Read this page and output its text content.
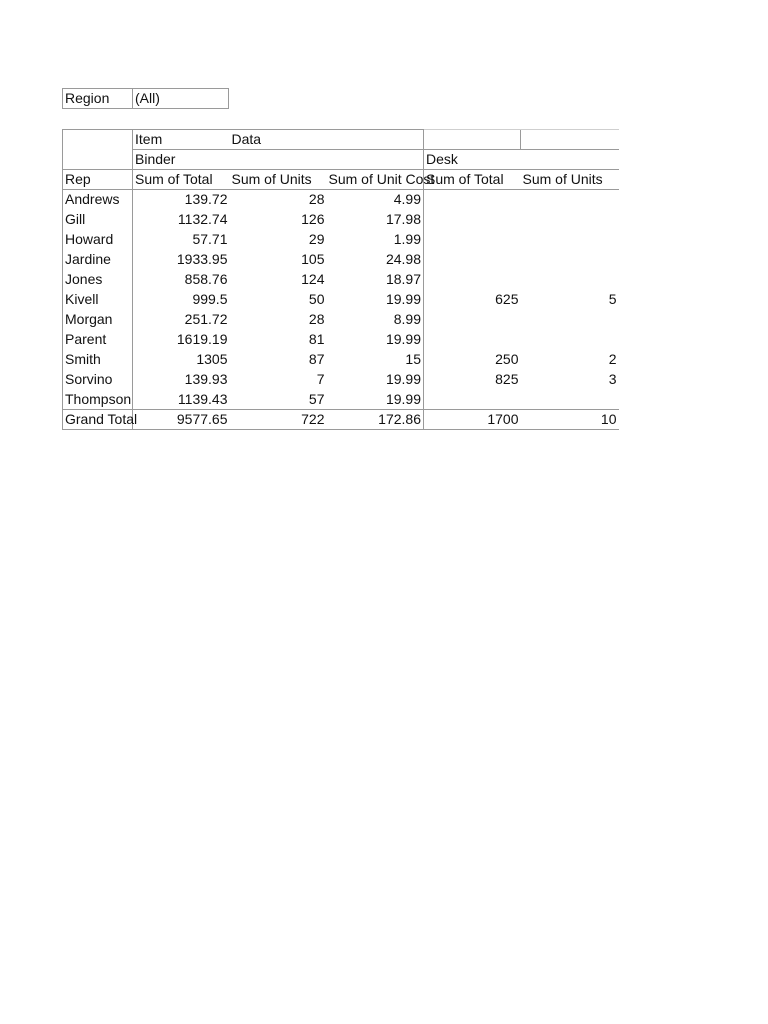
Region	(All)
	Item	Data			
	Binder			Desk	
Rep	Sum of Total	Sum of Units	Sum of Unit Cost	Sum of Total	Sum of Units
Andrews	139.72	28	4.99		
Gill	1132.74	126	17.98		
Howard	57.71	29	1.99		
Jardine	1933.95	105	24.98		
Jones	858.76	124	18.97		
Kivell	999.5	50	19.99	625	5
Morgan	251.72	28	8.99		
Parent	1619.19	81	19.99		
Smith	1305	87	15	250	2
Sorvino	139.93	7	19.99	825	3
Thompson	1139.43	57	19.99		
Grand Total	9577.65	722	172.86	1700	10
